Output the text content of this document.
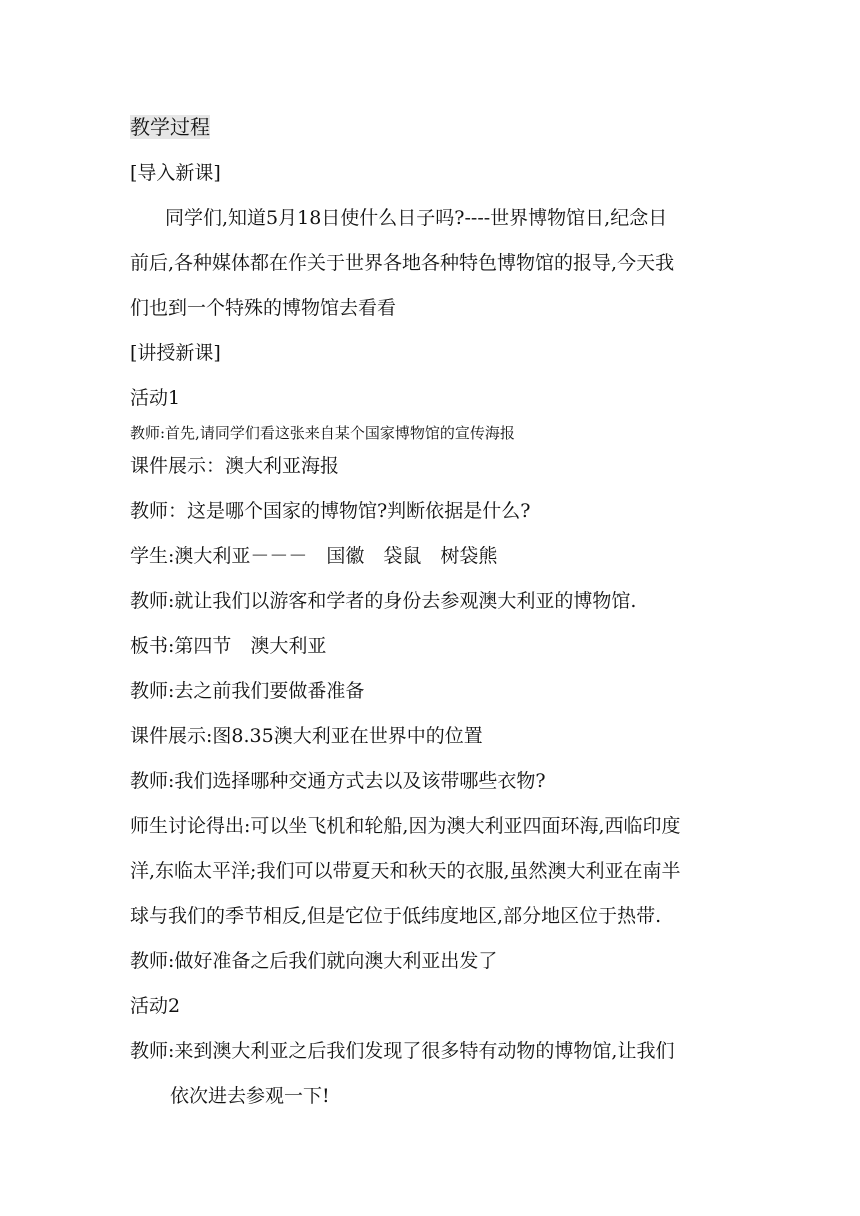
教学过程
[导入新课]
同学们,知道5月18日使什么日子吗?----世界博物馆日,纪念日
前后,各种媒体都在作关于世界各地各种特色博物馆的报导,今天我
们也到一个特殊的博物馆去看看
[讲授新课]
活动1
教师:首先,请同学们看这张来自某个国家博物馆的宣传海报
课件展示：澳大利亚海报
教师：这是哪个国家的博物馆?判断依据是什么?
学生:澳大利亚－－－　国徽　袋鼠　树袋熊
教师:就让我们以游客和学者的身份去参观澳大利亚的博物馆.
板书:第四节　澳大利亚
教师:去之前我们要做番准备
课件展示:图8.35澳大利亚在世界中的位置
教师:我们选择哪种交通方式去以及该带哪些衣物?
师生讨论得出:可以坐飞机和轮船,因为澳大利亚四面环海,西临印度
洋,东临太平洋;我们可以带夏天和秋天的衣服,虽然澳大利亚在南半
球与我们的季节相反,但是它位于低纬度地区,部分地区位于热带.
教师:做好准备之后我们就向澳大利亚出发了
活动2
教师:来到澳大利亚之后我们发现了很多特有动物的博物馆,让我们
依次进去参观一下!
